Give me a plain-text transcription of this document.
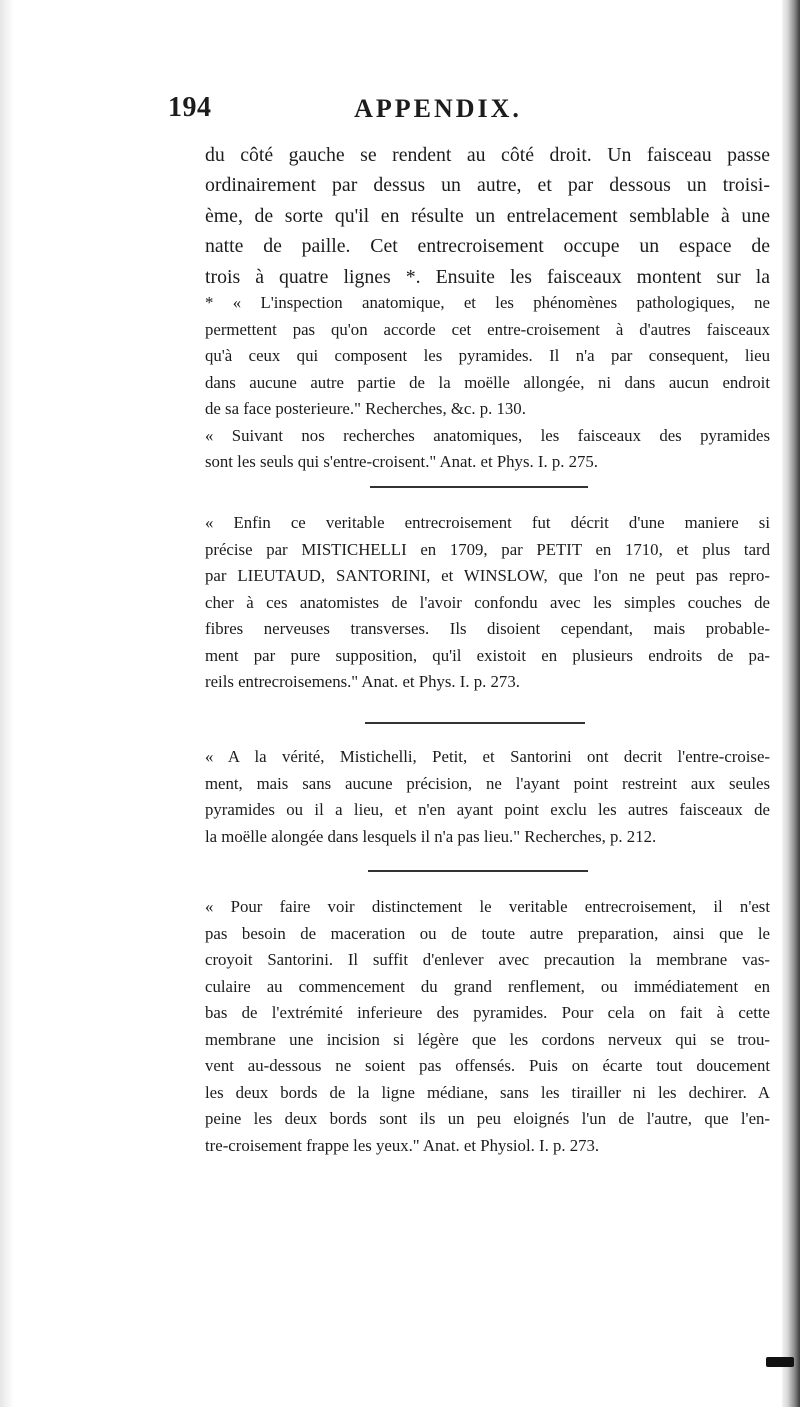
194	APPENDIX.
du côté gauche se rendent au côté droit. Un faisceau passe
ordinairement par dessus un autre, et par dessous un troisi-
ème, de sorte qu'il en résulte un entrelacement semblable à une
natte de paille. Cet entrecroisement occupe un espace de
trois à quatre lignes *. Ensuite les faisceaux montent sur la
* « L'inspection anatomique, et les phénomènes pathologiques, ne
permettent pas qu'on accorde cet entre-croisement à d'autres faisceaux
qu'à ceux qui composent les pyramides. Il n'a par consequent, lieu
dans aucune autre partie de la moëlle allongée, ni dans aucun endroit
de sa face posterieure." Recherches, &c. p. 130.
« Suivant nos recherches anatomiques, les faisceaux des pyramides
sont les seuls qui s'entre-croisent." Anat. et Phys. I. p. 275.
« Enfin ce veritable entrecroisement fut décrit d'une maniere si
précise par MISTICHELLI en 1709, par PETIT en 1710, et plus tard
par LIEUTAUD, SANTORINI, et WINSLOW, que l'on ne peut pas repro-
cher à ces anatomistes de l'avoir confondu avec les simples couches de
fibres nerveuses transverses. Ils disoient cependant, mais probable-
ment par pure supposition, qu'il existoit en plusieurs endroits de pa-
reils entrecroisemens." Anat. et Phys. I. p. 273.
« A la vérité, Mistichelli, Petit, et Santorini ont decrit l'entre-croise-
ment, mais sans aucune précision, ne l'ayant point restreint aux seules
pyramides ou il a lieu, et n'en ayant point exclu les autres faisceaux de
la moëlle alongée dans lesquels il n'a pas lieu." Recherches, p. 212.
« Pour faire voir distinctement le veritable entrecroisement, il n'est
pas besoin de maceration ou de toute autre preparation, ainsi que le
croyoit Santorini. Il suffit d'enlever avec precaution la membrane vas-
culaire au commencement du grand renflement, ou immédiatement en
bas de l'extrémité inferieure des pyramides. Pour cela on fait à cette
membrane une incision si légère que les cordons nerveux qui se trou-
vent au-dessous ne soient pas offensés. Puis on écarte tout doucement
les deux bords de la ligne médiane, sans les tirailler ni les dechirer. A
peine les deux bords sont ils un peu eloignés l'un de l'autre, que l'en-
tre-croisement frappe les yeux." Anat. et Physiol. I. p. 273.
